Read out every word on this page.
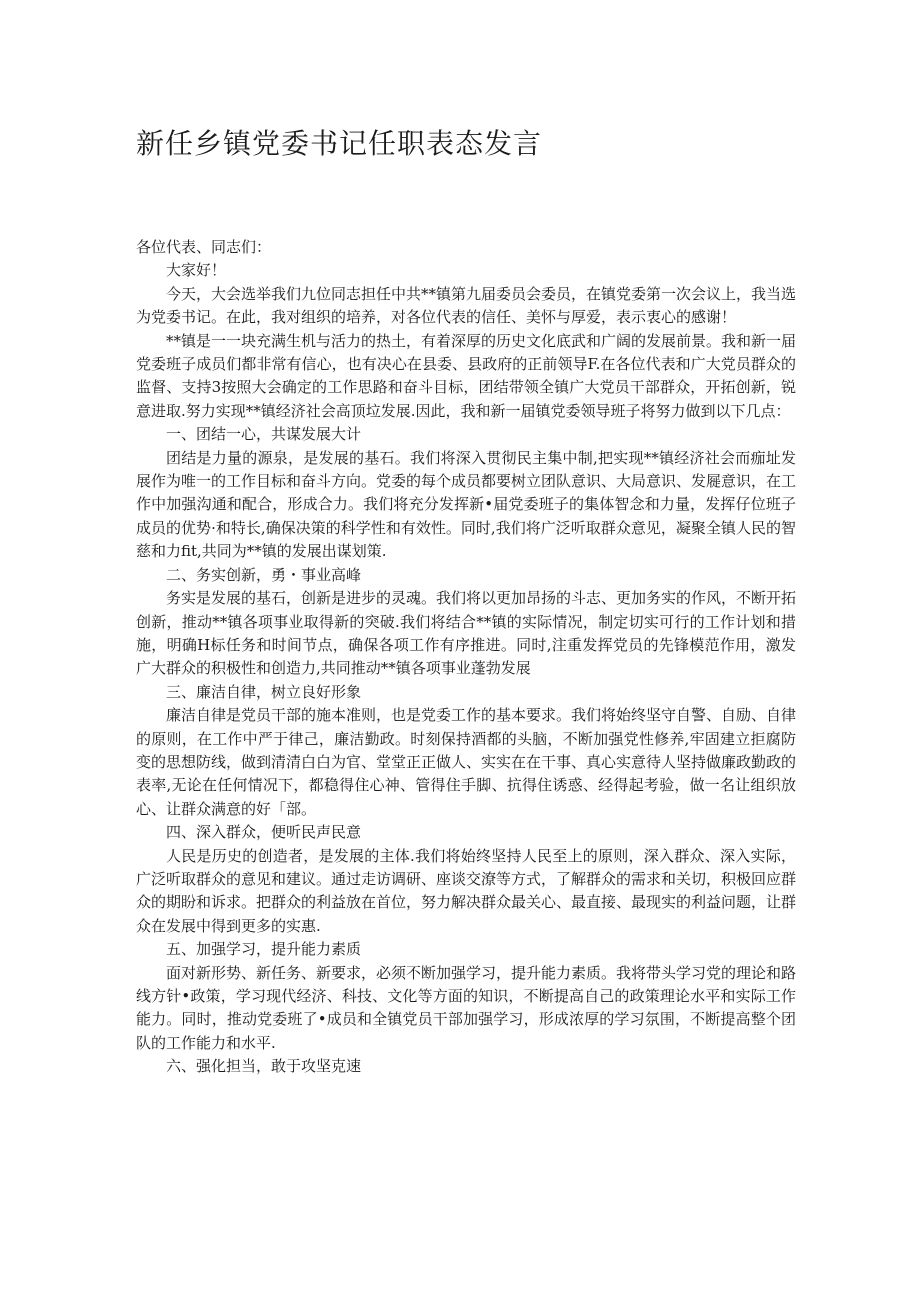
新任乡镇党委书记任职表态发言

各位代表、同志们：

大家好！

今天，大会选举我们九位同志担任中共**镇第九届委员会委员，在镇党委第一次会议上，我当选为党委书记。在此，我对组织的培养，对各位代表的信任、美怀与厚爱，表示衷心的感谢！

**镇是一一块充满生机与活力的热土，有着深厚的历史文化底武和广阔的发展前景。我和新一届党委班子成员们都非常有信心，也有决心在县委、县政府的正前领导F.在各位代表和广大党员群众的监督、支持3按照大会确定的工作思路和奋斗目标，团结带领全镇广大党员干部群众，开拓创新，锐意进取.努力实现**镇经济社会高顶垃发展.因此，我和新一届镇党委领导班子将努力做到以下几点：

一、团结一心，共谋发展大计

团结是力量的源泉，是发展的基石。我们将深入贯彻民主集中制,把实现**镇经济社会而痂址发展作为唯一的工作目标和奋斗方向。党委的每个成员都要树立团队意识、大局意识、发屣意识，在工作中加强沟通和配合，形成合力。我们将充分发挥新•届党委班子的集体智念和力量，发挥仔位班子成员的优势·和特长,确保决策的科学性和有效性。同时,我们将广泛听取群众意见，凝聚全镇人民的智慈和力fit,共同为**镇的发展出谋划策.

二、务实创新，勇・事业高峰

务实是发展的基石，创新是进步的灵魂。我们将以更加昂扬的斗志、更加务实的作风，不断开拓创新，推动**镇各项事业取得新的突破.我们将结合**镇的实际情况，制定切实可行的工作计划和措施，明确H标任务和时间节点，确保各项工作有序推进。同时,注重发挥党员的先锋模范作用，激发广大群众的积极性和创造力,共同推动**镇各项事业蓬勃发展

三、廉洁自律，树立良好形象

廉洁自律是党员干部的施本准则，也是党委工作的基本要求。我们将始终坚守自警、自励、自律的原则，在工作中严于律己，廉洁勤政。时刻保持酒都的头脑，不断加强党性修养,牢固建立拒腐防变的思想防线，做到清清白白为官、堂堂正正做人、实实在在干事、真心实意待人坚持做廉政勤政的表率,无论在任何情况下，都稳得住心神、管得住手脚、抗得住诱惑、经得起考验，做一名让组织放心、让群众满意的好「部。

四、深入群众，便听民声民意

人民是历史的创造者，是发展的主体.我们将始终坚持人民至上的原则，深入群众、深入实际，广泛听取群众的意见和建议。通过走访调研、座谈交潦等方式，了解群众的需求和关切，积极回应群众的期盼和诉求。把群众的利益放在首位，努力解决群众最关心、最直接、最现实的利益问题，让群众在发展中得到更多的实惠.

五、加强学习，提升能力素质

面对新形势、新任务、新要求，必须不断加强学习，提升能力素质。我将带头学习党的理论和路线方针•政策，学习现代经济、科技、文化等方面的知识，不断提高自己的政策理论水平和实际工作能力。同时，推动党委班了•成员和全镇党员干部加强学习，形成浓厚的学习氛围，不断提高整个团队的工作能力和水平.

六、强化担当，敢于攻坚克速
